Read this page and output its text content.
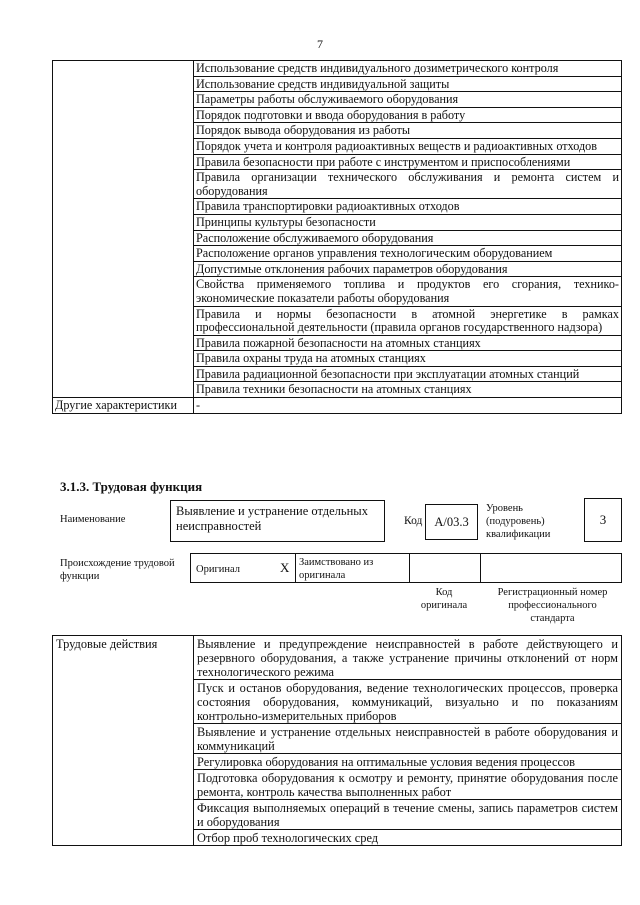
7
	Использование средств индивидуального дозиметрического контроля
	Использование средств индивидуальной защиты
	Параметры работы обслуживаемого оборудования
	Порядок подготовки и ввода оборудования в работу
	Порядок вывода оборудования из работы
	Порядок учета и контроля радиоактивных веществ и радиоактивных отходов
	Правила безопасности при работе с инструментом и приспособлениями
	Правила организации технического обслуживания и ремонта систем и оборудования
	Правила транспортировки радиоактивных отходов
	Принципы культуры безопасности
	Расположение обслуживаемого оборудования
	Расположение органов управления технологическим оборудованием
	Допустимые отклонения рабочих параметров оборудования
	Свойства применяемого топлива и продуктов его сгорания, технико-экономические показатели работы оборудования
	Правила и нормы безопасности в атомной энергетике в рамках профессиональной деятельности (правила органов государственного надзора)
	Правила пожарной безопасности на атомных станциях
	Правила охраны труда на атомных станциях
	Правила радиационной безопасности при эксплуатации атомных станций
	Правила техники безопасности на атомных станциях
Другие характеристики	-
3.1.3. Трудовая функция
Наименование
Выявление и устранение отдельных неисправностей	Код А/03.3
Уровень (подуровень) квалификации
3
Происхождение трудовой функции
Оригинал	X Заимствовано из оригинала
Код оригинала
Регистрационный номер профессионального стандарта
Трудовые действия	Выявление и предупреждение неисправностей в работе действующего и резервного оборудования, а также устранение причины отклонений от норм технологического режима
Пуск и останов оборудования, ведение технологических процессов, проверка состояния оборудования, коммуникаций, визуально и по показаниям контрольно-измерительных приборов
Выявление и устранение отдельных неисправностей в работе оборудования и коммуникаций
Регулировка оборудования на оптимальные условия ведения процессов
Подготовка оборудования к осмотру и ремонту, принятие оборудования после ремонта, контроль качества выполненных работ
Фиксация выполняемых операций в течение смены, запись параметров систем и оборудования
Отбор проб технологических сред
